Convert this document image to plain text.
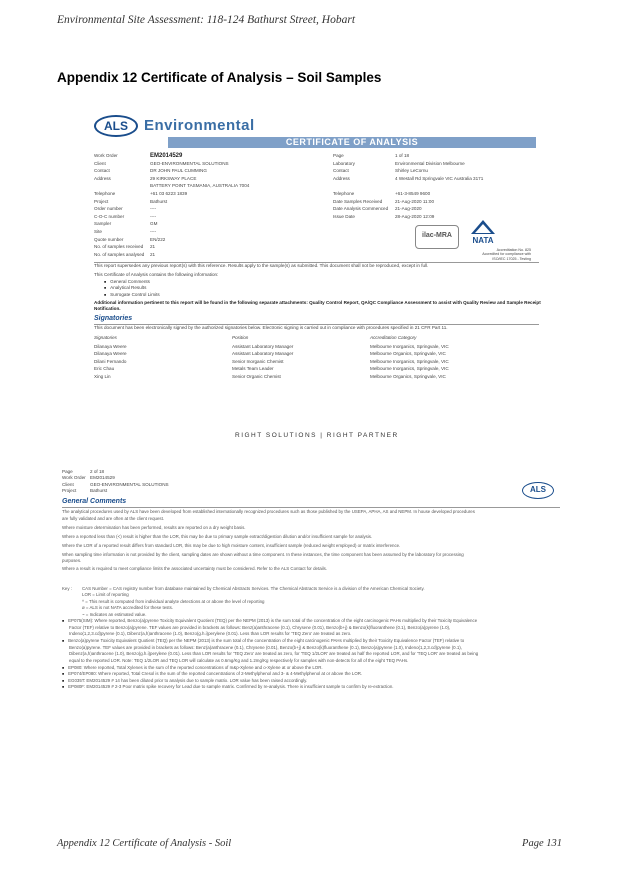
Environmental Site Assessment: 118-124 Bathurst Street, Hobart
Appendix 12 Certificate of Analysis – Soil Samples
ALS	Environmental
CERTIFICATE OF ANALYSIS
Work Order	EM2014529
Client	GEO-ENVIRONMENTAL SOLUTIONS
Contact	DR JOHN PAUL CUMMING
Address	29 KIRKSWAY PLACE
BATTERY POINT TASMANIA, AUSTRALIA 7004
Telephone	+61 03 6223 1839
Project	Bathurst
Order number	----
C-O-C number	----
Sampler	GM
Site	----
Quote number	EN/222
No. of samples received 21
No. of samples analysed 21
Page	1 of 18
Laboratory	Environmental Division Melbourne
Contact	Shirley LeCornu
Address	4 Westall Rd Springvale VIC Australia 3171
Telephone	+61-3-8549 9600
Date Samples Received	21-Aug-2020 11:00
Date Analysis Commenced 21-Aug-2020
Issue Date	28-Aug-2020 12:09
ilac-MRA
NATA
Accreditation No. 825
Accredited for compliance with
ISO/IEC 17025 - Testing
This report supersedes any previous report(s) with this reference. Results apply to the sample(s) as submitted. This document shall not be reproduced, except in full.
This Certificate of Analysis contains the following information:
■ General Comments
■ Analytical Results
■ Surrogate Control Limits
Additional information pertinent to this report will be found in the following separate attachments: Quality Control Report, QA/QC Compliance Assessment to assist with Quality Review and Sample Receipt Notification.
Signatories
This document has been electronically signed by the authorized signatories below. Electronic signing is carried out in compliance with procedures specified in 21 CFR Part 11.
Signatories	Position	Accreditation Category
Dilanaya Weere	Assistant Laboratory Manager	Melbourne Inorganics, Springvale, VIC
Dilanaya Weere	Assistant Laboratory Manager	Melbourne Organics, Springvale, VIC
Dilani Fernando	Senior Inorganic Chemist	Melbourne Inorganics, Springvale, VIC
Eric Chau	Metals Team Leader	Melbourne Inorganics, Springvale, VIC
Xing Lin	Senior Organic Chemist	Melbourne Organics, Springvale, VIC
RIGHT SOLUTIONS | RIGHT PARTNER
Page	2 of 18
Work Order EM2014529
Client	GEO-ENVIRONMENTAL SOLUTIONS
Project	Bathurst	ALS
General Comments
The analytical procedures used by ALS have been developed from established internationally recognized procedures such as those published by the USEPA, APHA, AS and NEPM. In house developed procedures
are fully validated and are often at the client request.
Where moisture determination has been performed, results are reported on a dry weight basis.
Where a reported less than (<) result is higher than the LOR, this may be due to primary sample extract/digestion dilution and/or insufficient sample for analysis.
Where the LOR of a reported result differs from standard LOR, this may be due to high moisture content, insufficient sample (reduced weight employed) or matrix interference.
When sampling time information is not provided by the client, sampling dates are shown without a time component. In these instances, the time component has been assumed by the laboratory for processing
purposes.
Where a result is required to meet compliance limits the associated uncertainty must be considered. Refer to the ALS Contact for details.
Key : CAS Number = CAS registry number from database maintained by Chemical Abstracts Services. The Chemical Abstracts Service is a division of the American Chemical Society.
LOR = Limit of reporting
^ = This result is computed from individual analyte detections at or above the level of reporting
ø = ALS is not NATA accredited for these tests.
~ = Indicates an estimated value.
■ EP075(SIM): Where reported, Benzo(a)pyrene Toxicity Equivalent Quotient (TEQ) per the NEPM (2013) is the sum total of the concentration of the eight carcinogenic PAHs multiplied by their Toxicity Equivalence
Factor (TEF) relative to Benzo(a)pyrene. TEF values are provided in brackets as follows: Benz(a)anthracene (0.1), Chrysene (0.01), Benzo(b+j) & Benzo(k)fluoranthene (0.1), Benzo(a)pyrene (1.0),
Indeno(1,2,3.cd)pyrene (0.1), Dibenz(a,h)anthracene (1.0), Benzo(g.h.i)perylene (0.01). Less than LOR results for 'TEQ Zero' are treated as zero.
■ Benzo(a)pyrene Toxicity Equivalent Quotient (TEQ) per the NEPM (2013) is the sum total of the concentration of the eight carcinogenic PAHs multiplied by their Toxicity Equivalence Factor (TEF) relative to
Benzo(a)pyrene. TEF values are provided in brackets as follows: Benz(a)anthracene (0.1), Chrysene (0.01), Benzo(b+j) & Benzo(k)fluoranthene (0.1), Benzo(a)pyrene (1.0), Indeno(1,2,3.cd)pyrene (0.1),
Dibenz(a,h)anthracene (1.0), Benzo(g.h.i)perylene (0.01). Less than LOR results for 'TEQ Zero' are treated as zero, for 'TEQ 1/2LOR' are treated as half the reported LOR, and for 'TEQ LOR' are treated as being
equal to the reported LOR. Note: TEQ 1/2LOR and TEQ LOR will calculate as 0.6mg/Kg and 1.2mg/Kg respectively for samples with non-detects for all of the eight TEQ PAHs.
■ EP080: Where reported, Total Xylenes is the sum of the reported concentrations of m&p-Xylene and o-Xylene at or above the LOR.
■ EP074/EP080: Where reported, Total Cresol is the sum of the reported concentrations of 2-Methylphenol and 3- & 4-Methylphenol at or above the LOR.
■ EG035T: EM2014529 # 14 has been diluted prior to analysis due to sample matrix. LOR value has been raised accordingly.
■ EP080F: EM2014529 # 2-3 Poor matrix spike recovery for Lead due to sample matrix. Confirmed by re-analysis. There is insufficient sample to confirm by re-extraction.
Appendix 12 Certificate of Analysis - Soil	Page 131
